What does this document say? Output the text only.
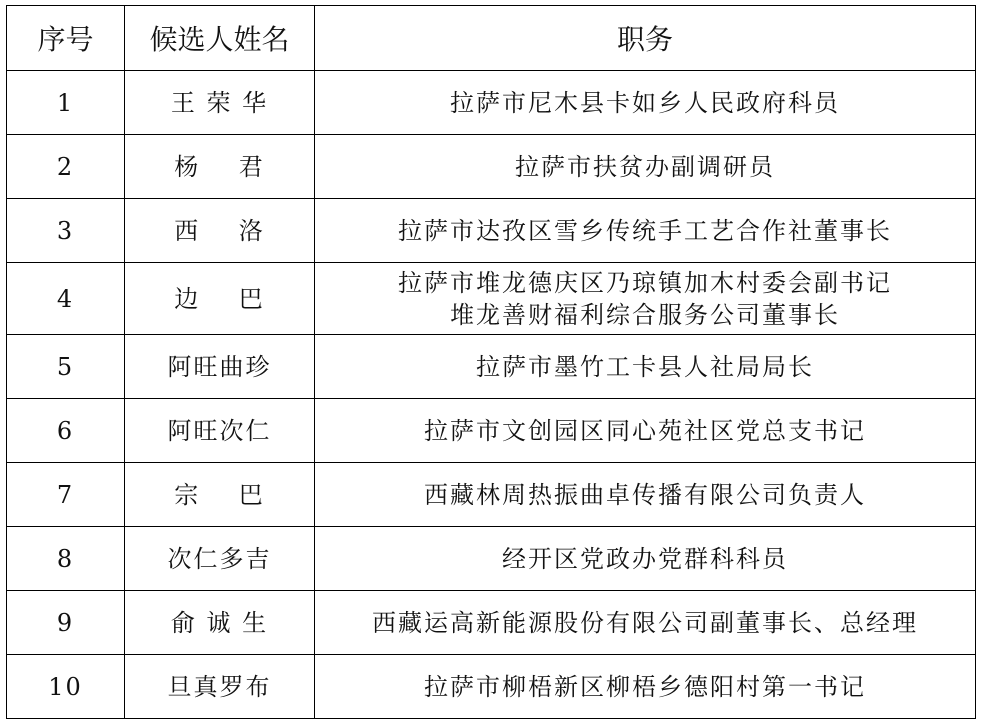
序号	候选人姓名	职务
1	王 荣 华	拉萨市尼木县卡如乡人民政府科员

2	杨    君	拉萨市扶贫办副调研员

3	西    洛	拉萨市达孜区雪乡传统手工艺合作社董事长

4	边    巴	拉萨市堆龙德庆区乃琼镇加木村委会副书记
堆龙善财福利综合服务公司董事长

5	阿旺曲珍	拉萨市墨竹工卡县人社局局长

6	阿旺次仁	拉萨市文创园区同心苑社区党总支书记

7	宗    巴	西藏林周热振曲卓传播有限公司负责人

8	次仁多吉	经开区党政办党群科科员

9	俞 诚 生	西藏运高新能源股份有限公司副董事长、总经理

10	旦真罗布	拉萨市柳梧新区柳梧乡德阳村第一书记
